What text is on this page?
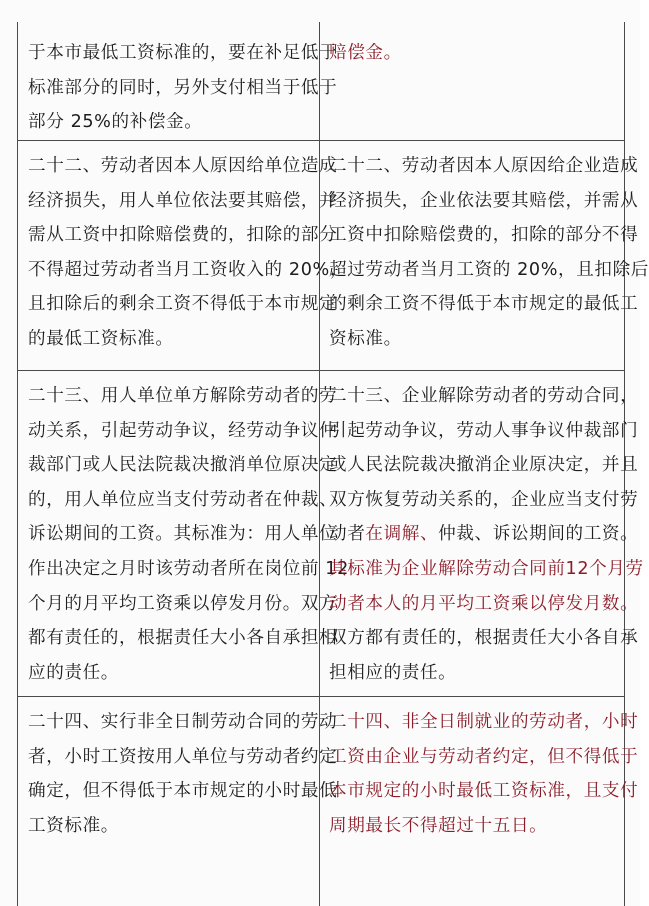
于本市最低工资标准的，要在补足低于

标准部分的同时，另外支付相当于低于

部分 25%的补偿金。

赔偿金。

二十二、劳动者因本人原因给单位造成

经济损失，用人单位依法要其赔偿，并

需从工资中扣除赔偿费的，扣除的部分

不得超过劳动者当月工资收入的 20%，

且扣除后的剩余工资不得低于本市规定

的最低工资标准。

二十二、劳动者因本人原因给企业造成

经济损失，企业依法要其赔偿，并需从

工资中扣除赔偿费的，扣除的部分不得

超过劳动者当月工资的 20%，且扣除后

的剩余工资不得低于本市规定的最低工

资标准。

二十三、用人单位单方解除劳动者的劳

动关系，引起劳动争议，经劳动争议仲

裁部门或人民法院裁决撤消单位原决定

的，用人单位应当支付劳动者在仲裁、

诉讼期间的工资。其标准为：用人单位

作出决定之月时该劳动者所在岗位前 12

个月的月平均工资乘以停发月份。双方

都有责任的，根据责任大小各自承担相

应的责任。

二十三、企业解除劳动者的劳动合同，

引起劳动争议，劳动人事争议仲裁部门

或人民法院裁决撤消企业原决定，并且

双方恢复劳动关系的，企业应当支付劳

动者在调解、仲裁、诉讼期间的工资。

其标准为企业解除劳动合同前12个月劳

动者本人的月平均工资乘以停发月数。

双方都有责任的，根据责任大小各自承

担相应的责任。

二十四、实行非全日制劳动合同的劳动

者，小时工资按用人单位与劳动者约定

确定，但不得低于本市规定的小时最低

工资标准。

二十四、非全日制就业的劳动者，小时

工资由企业与劳动者约定，但不得低于

本市规定的小时最低工资标准，且支付

周期最长不得超过十五日。
